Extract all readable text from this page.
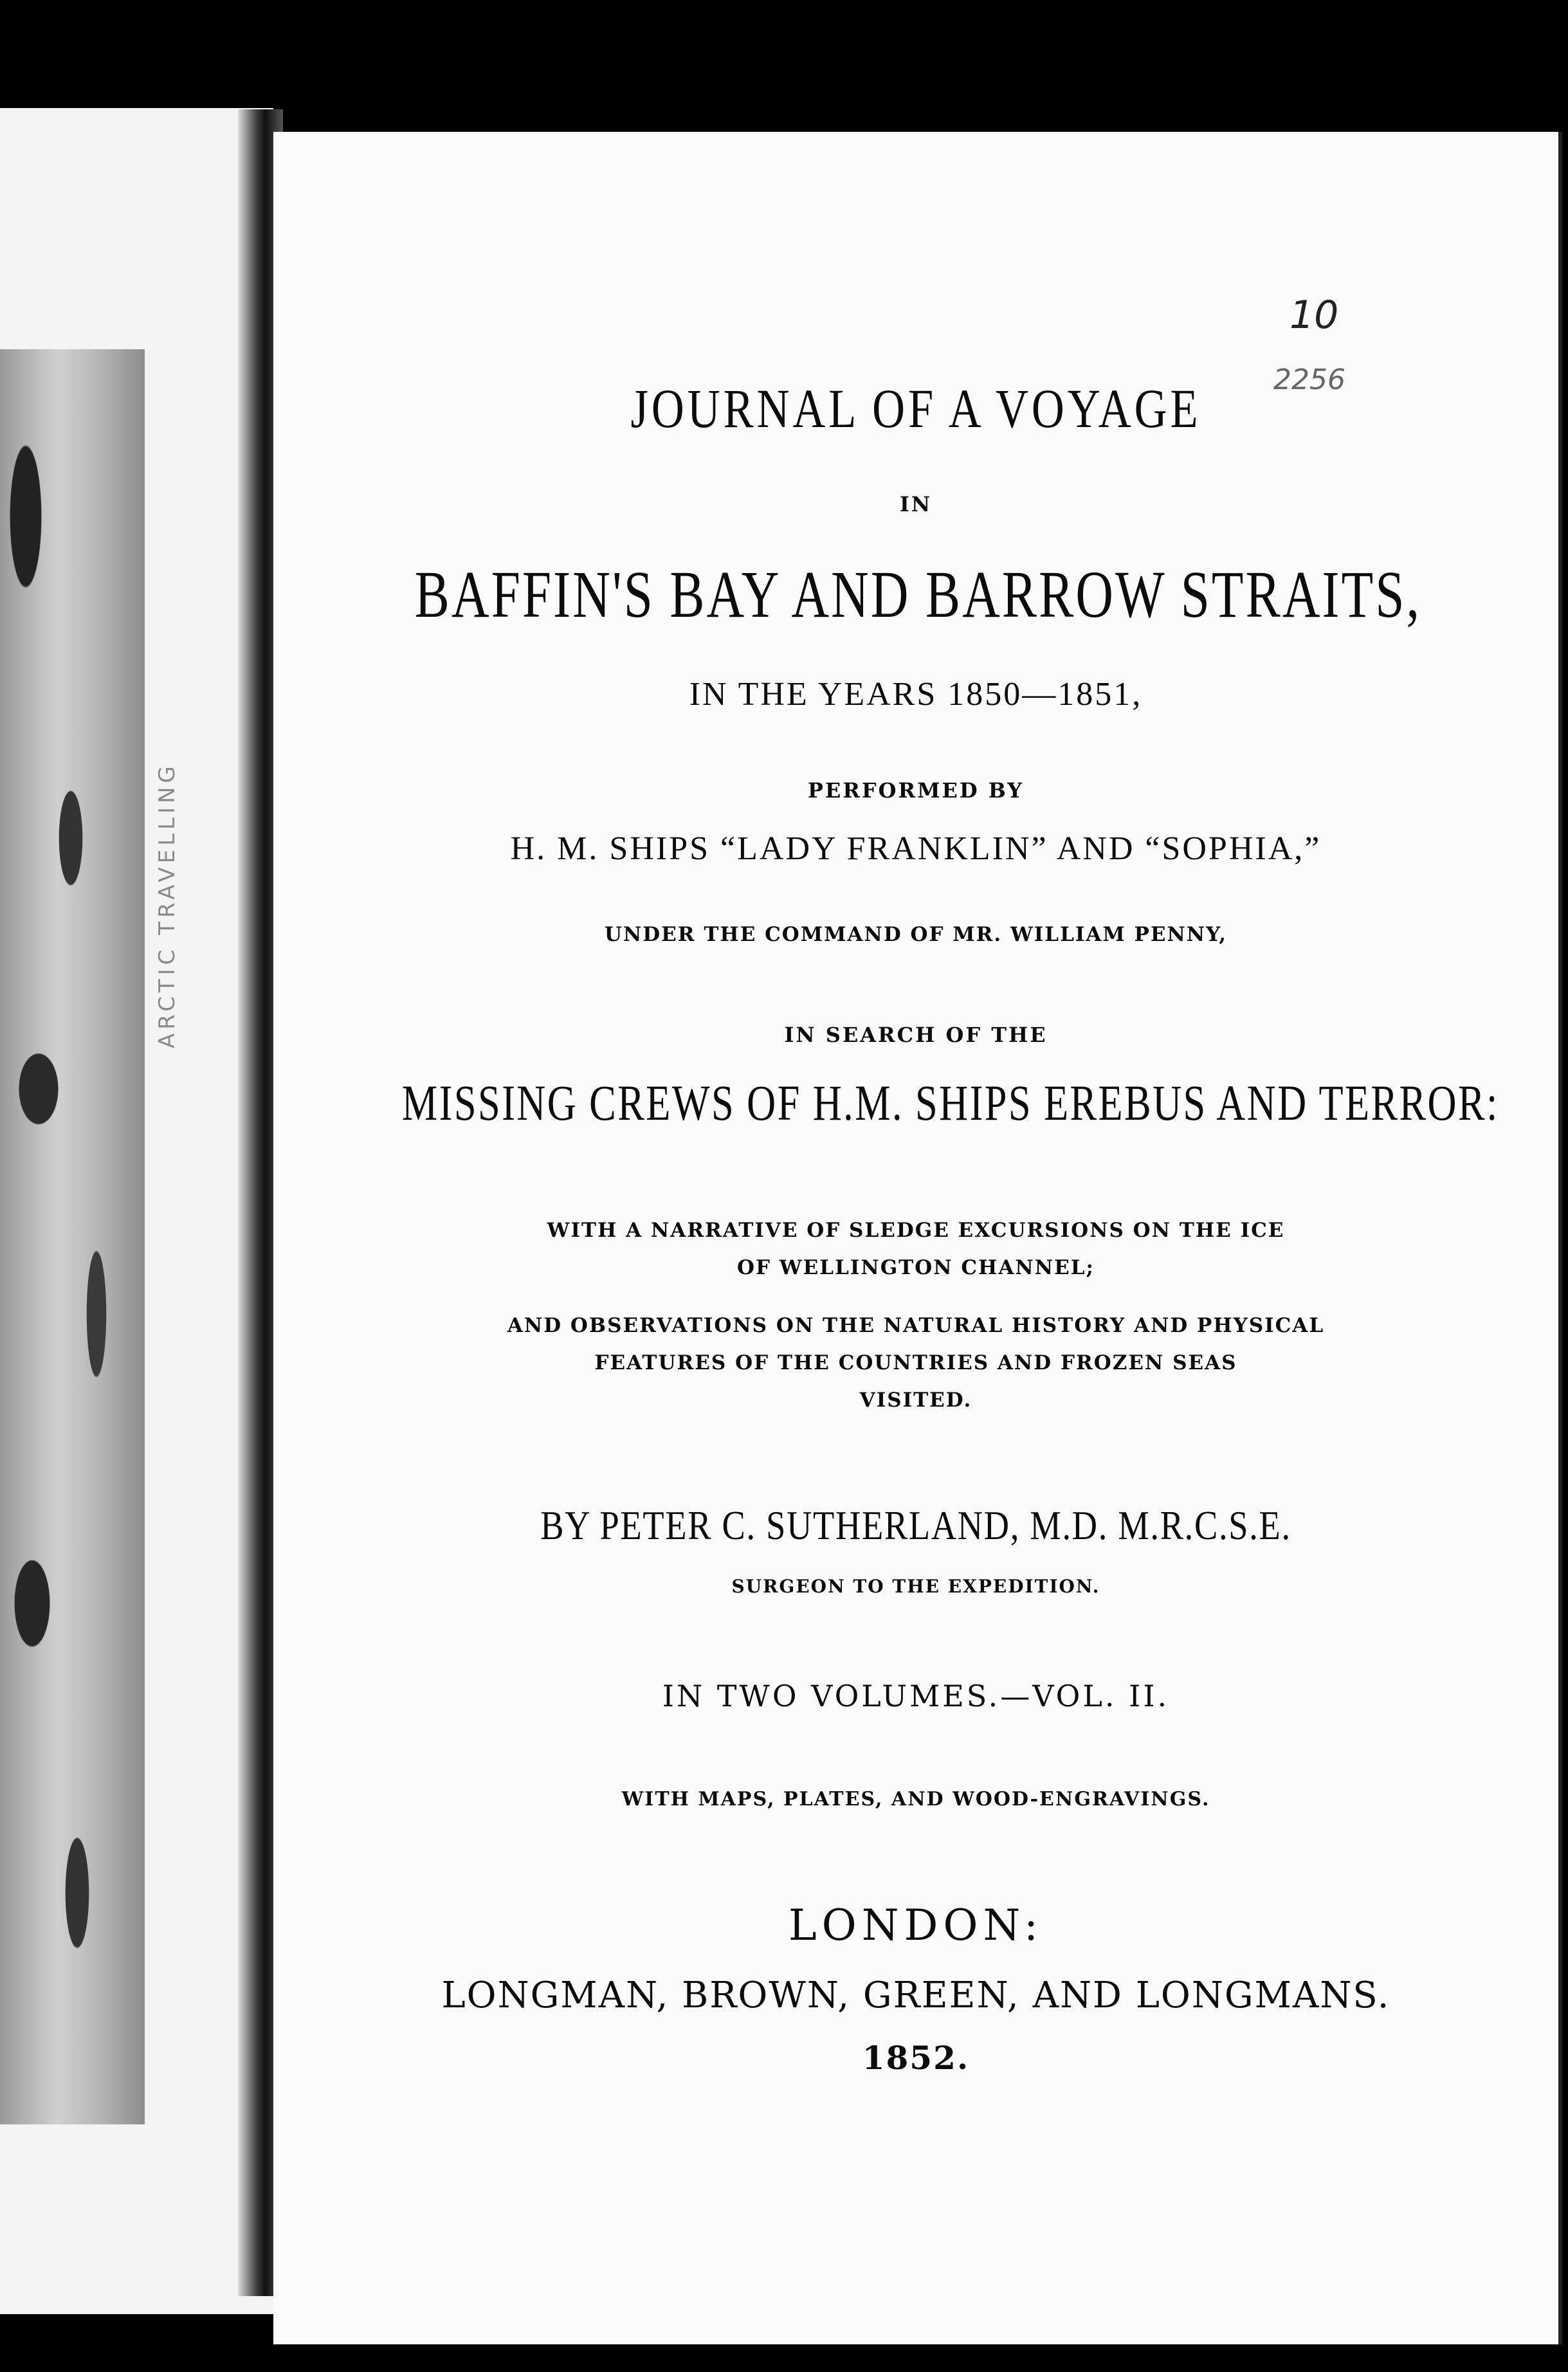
ARCTIC TRAVELLING
10
2256
JOURNAL OF A VOYAGE
IN
BAFFIN'S BAY AND BARROW STRAITS,
IN THE YEARS 1850—1851,
PERFORMED BY
H. M. SHIPS “LADY FRANKLIN” AND “SOPHIA,”
UNDER THE COMMAND OF MR. WILLIAM PENNY,
IN SEARCH OF THE
MISSING CREWS OF H.M. SHIPS EREBUS AND TERROR:
WITH A NARRATIVE OF SLEDGE EXCURSIONS ON THE ICE
OF WELLINGTON CHANNEL;
AND OBSERVATIONS ON THE NATURAL HISTORY AND PHYSICAL
FEATURES OF THE COUNTRIES AND FROZEN SEAS
VISITED.
BY PETER C. SUTHERLAND, M.D. M.R.C.S.E.
SURGEON TO THE EXPEDITION.
IN TWO VOLUMES.—VOL. II.
WITH MAPS, PLATES, AND WOOD-ENGRAVINGS.
LONDON:
LONGMAN, BROWN, GREEN, AND LONGMANS.
1852.
